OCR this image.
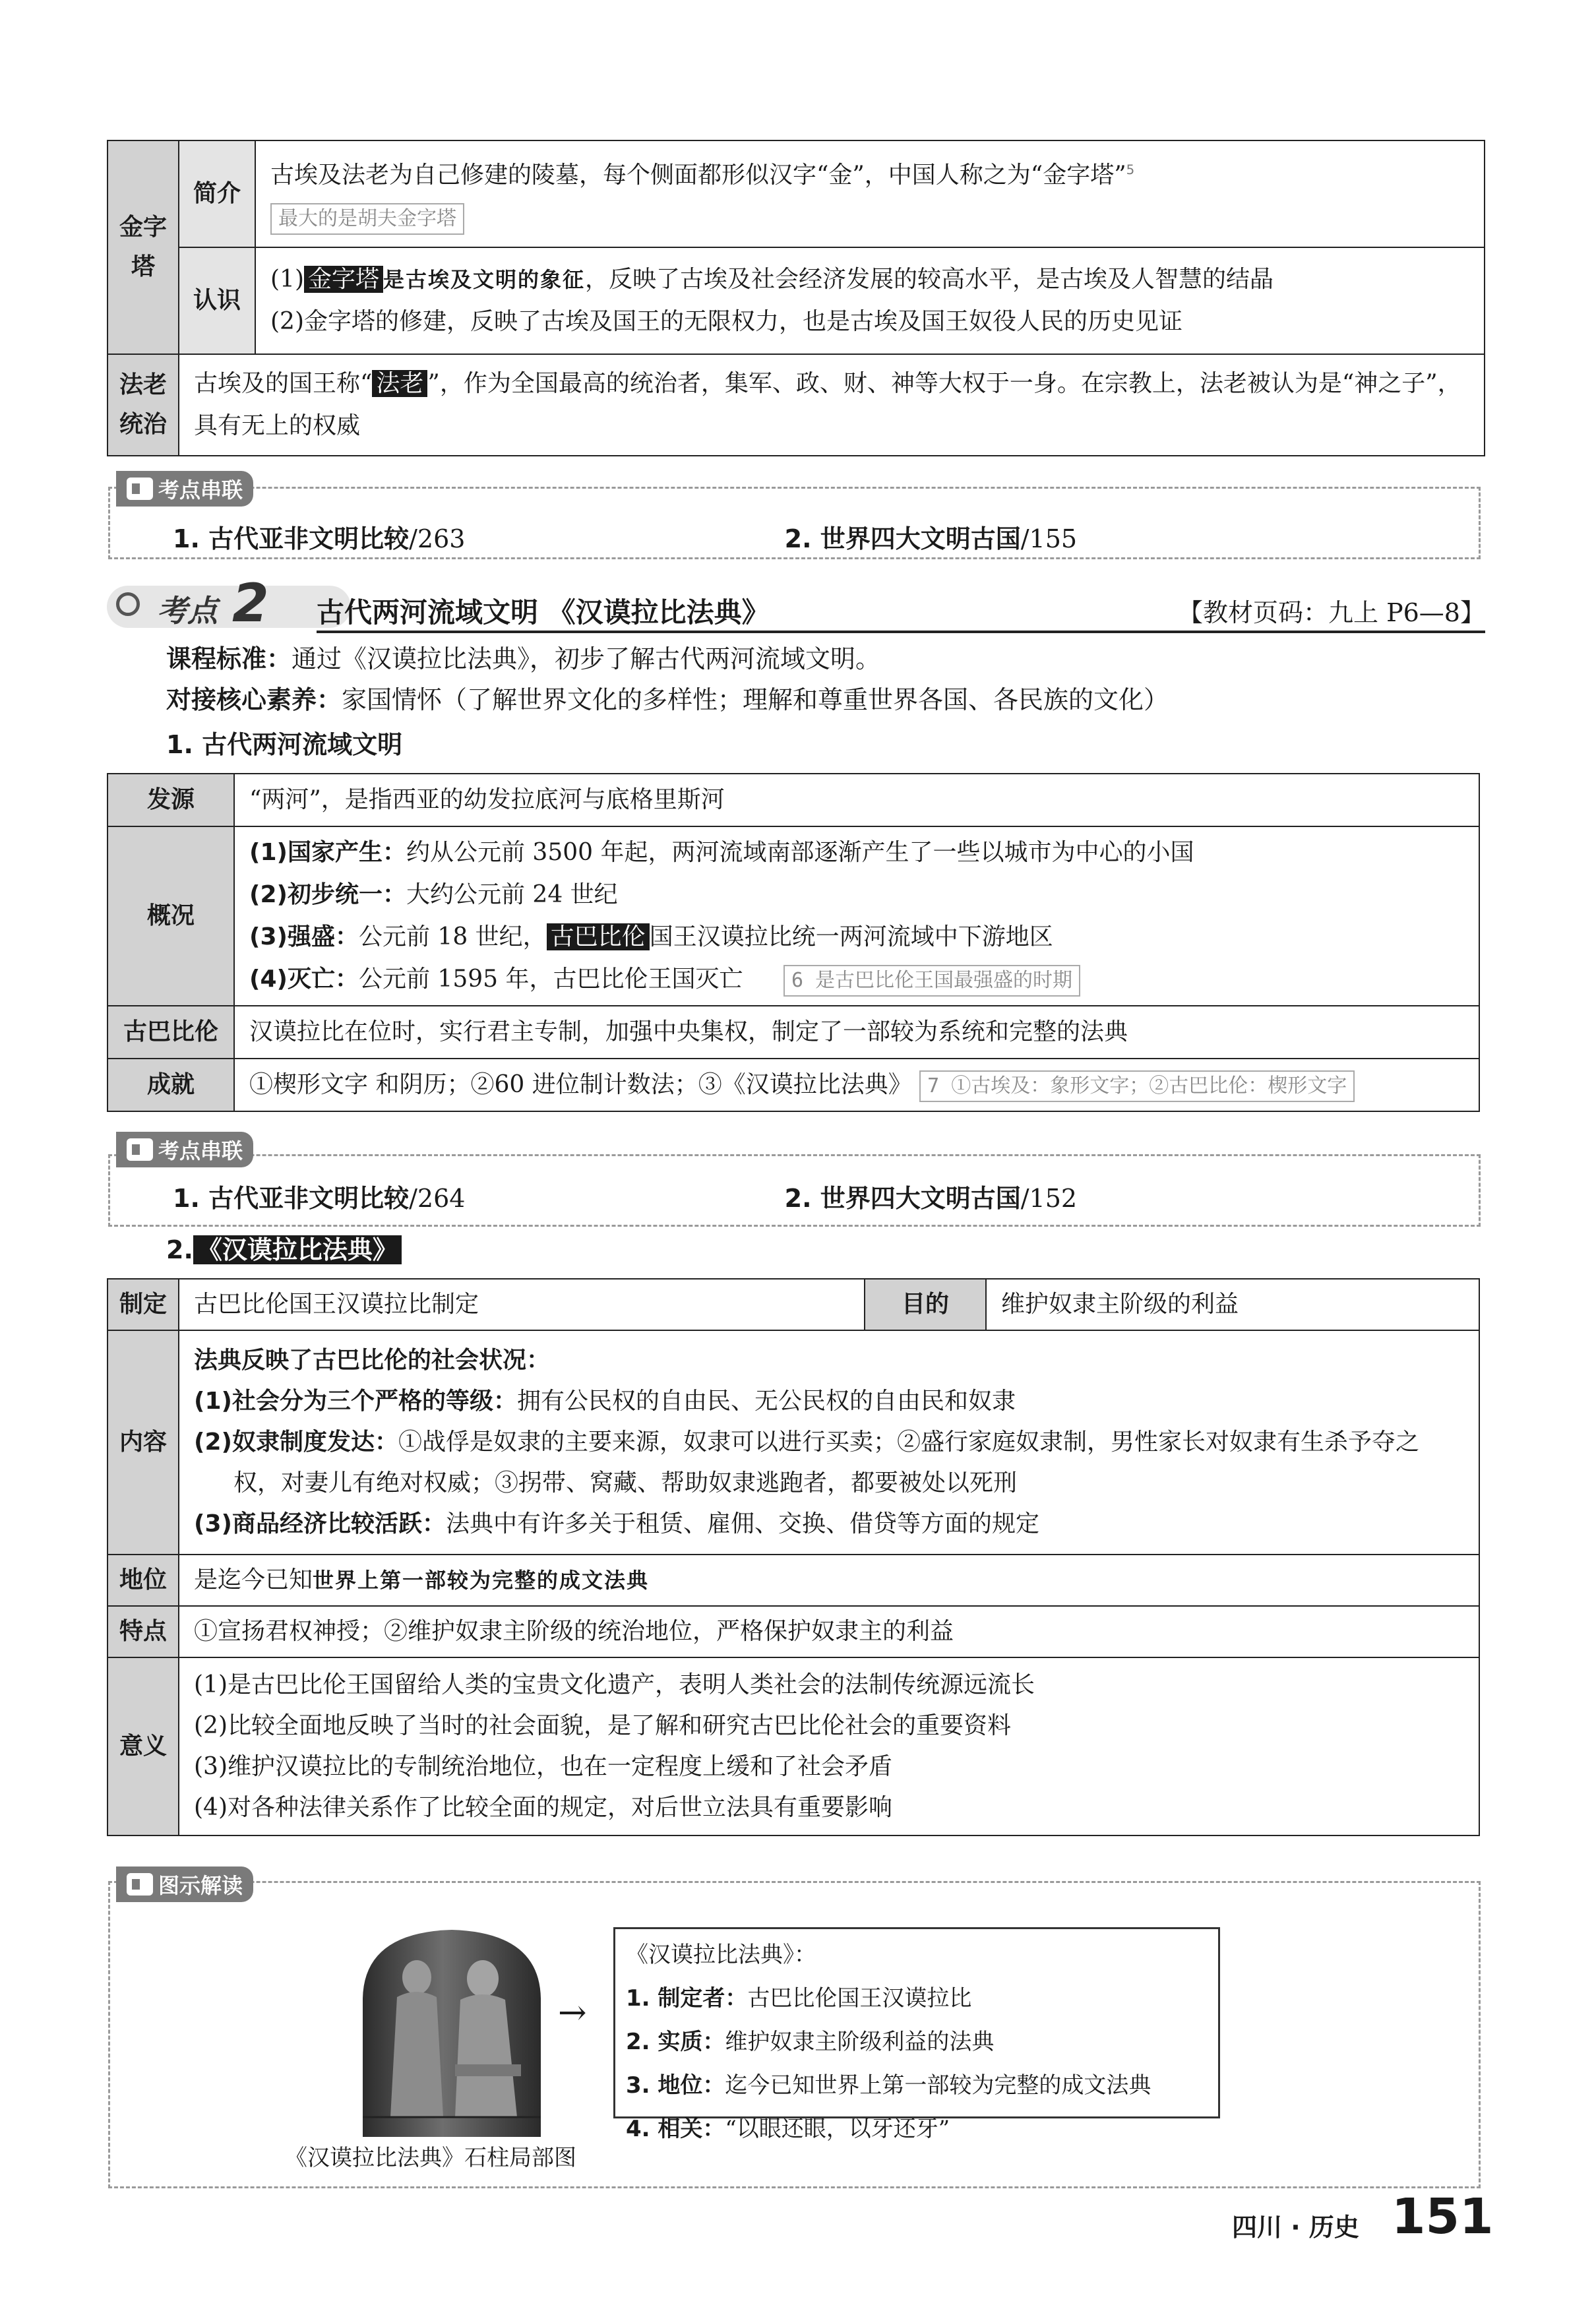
金字塔	简介	古埃及法老为自己修建的陵墓，每个侧面都形似汉字“金”，中国人称之为“金字塔”$^5$
最大的是胡夫金字塔

	认识	(1) 金字塔 是古埃及文明的象征，反映了古埃及社会经济发展的较高水平，是古埃及人智慧的结晶
(2)金字塔的修建，反映了古埃及国王的无限权力，也是古埃及国王奴役人民的历史见证

法老统治	古埃及的国王称“ 法老 ”，作为全国最高的统治者，集军、政、财、神等大权于一身。在宗教上，法老被认为是“神之子”，具有无上的权威	
考点串联
1. 古代亚非文明比较/263	2. 世界四大文明古国/155
考点 2 古代两河流域文明 《汉谟拉比法典》	【教材页码：九上 P6—8】
课程标准：通过《汉谟拉比法典》，初步了解古代两河流域文明。
对接核心素养：家国情怀（了解世界文化的多样性；理解和尊重世界各国、各民族的文化）
1. 古代两河流域文明
发源	“两河”，是指西亚的幼发拉底河与底格里斯河
概况	(1)国家产生：约从公元前 3500 年起，两河流域南部逐渐产生了一些以城市为中心的小国
(2)初步统一：大约公元前 24 世纪
(3)强盛：公元前 18 世纪， 古巴比伦 国王汉谟拉比统一两河流域中下游地区
(4)灭亡：公元前 1595 年，古巴比伦王国灭亡 6 是古巴比伦王国最强盛的时期

古巴比伦	汉谟拉比在位时，实行君主专制，加强中央集权，制定了一部较为系统和完整的法典
成就	①楔形文字 和阴历；②60 进位制计数法；③《汉谟拉比法典》 7 ①古埃及：象形文字；②古巴比伦：楔形文字
考点串联
1. 古代亚非文明比较/264	2. 世界四大文明古国/152
2. 《汉谟拉比法典》
制定	古巴比伦国王汉谟拉比制定	目的	维护奴隶主阶级的利益
内容	法典反映了古巴比伦的社会状况：
(1)社会分为三个严格的等级：拥有公民权的自由民、无公民权的自由民和奴隶
(2)奴隶制度发达：①战俘是奴隶的主要来源，奴隶可以进行买卖；②盛行家庭奴隶制，男性家长对奴隶有生杀予夺之权，对妻儿有绝对权威；③拐带、窝藏、帮助奴隶逃跑者，都要被处以死刑
(3)商品经济比较活跃：法典中有许多关于租赁、雇佣、交换、借贷等方面的规定		

地位	是迄今已知世界上第一部较为完整的成文法典		
特点	①宣扬君权神授；②维护奴隶主阶级的统治地位，严格保护奴隶主的利益		
意义	(1)是古巴比伦王国留给人类的宝贵文化遗产，表明人类社会的法制传统源远流长
(2)比较全面地反映了当时的社会面貌，是了解和研究古巴比伦社会的重要资料
(3)维护汉谟拉比的专制统治地位，也在一定程度上缓和了社会矛盾
(4)对各种法律关系作了比较全面的规定，对后世立法具有重要影响		
图示解读
《汉谟拉比法典》石柱局部图
→
《汉谟拉比法典》：
1. 制定者：古巴比伦国王汉谟拉比
2. 实质：维护奴隶主阶级利益的法典
3. 地位：迄今已知世界上第一部较为完整的成文法典
4. 相关：“以眼还眼，以牙还牙”
四川 · 历史 151
